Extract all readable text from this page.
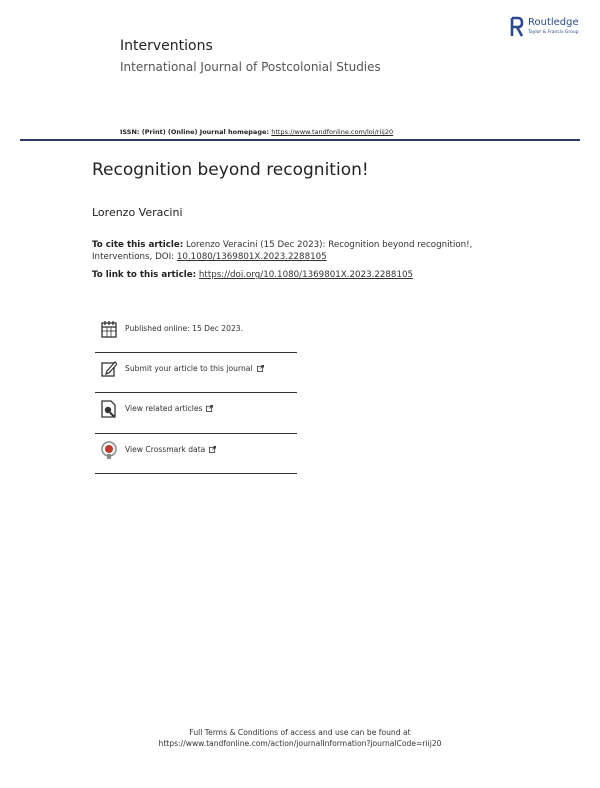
Interventions
International Journal of Postcolonial Studies
Routledge
Taylor & Francis Group
ISSN: (Print) (Online) Journal homepage: https://www.tandfonline.com/loi/riij20
Recognition beyond recognition!
Lorenzo Veracini
To cite this article: Lorenzo Veracini (15 Dec 2023): Recognition beyond recognition!, Interventions, DOI: 10.1080/1369801X.2023.2288105
To link to this article: https://doi.org/10.1080/1369801X.2023.2288105
Published online: 15 Dec 2023.
Submit your article to this journal
View related articles
View Crossmark data
Full Terms & Conditions of access and use can be found at
https://www.tandfonline.com/action/journalInformation?journalCode=riij20
